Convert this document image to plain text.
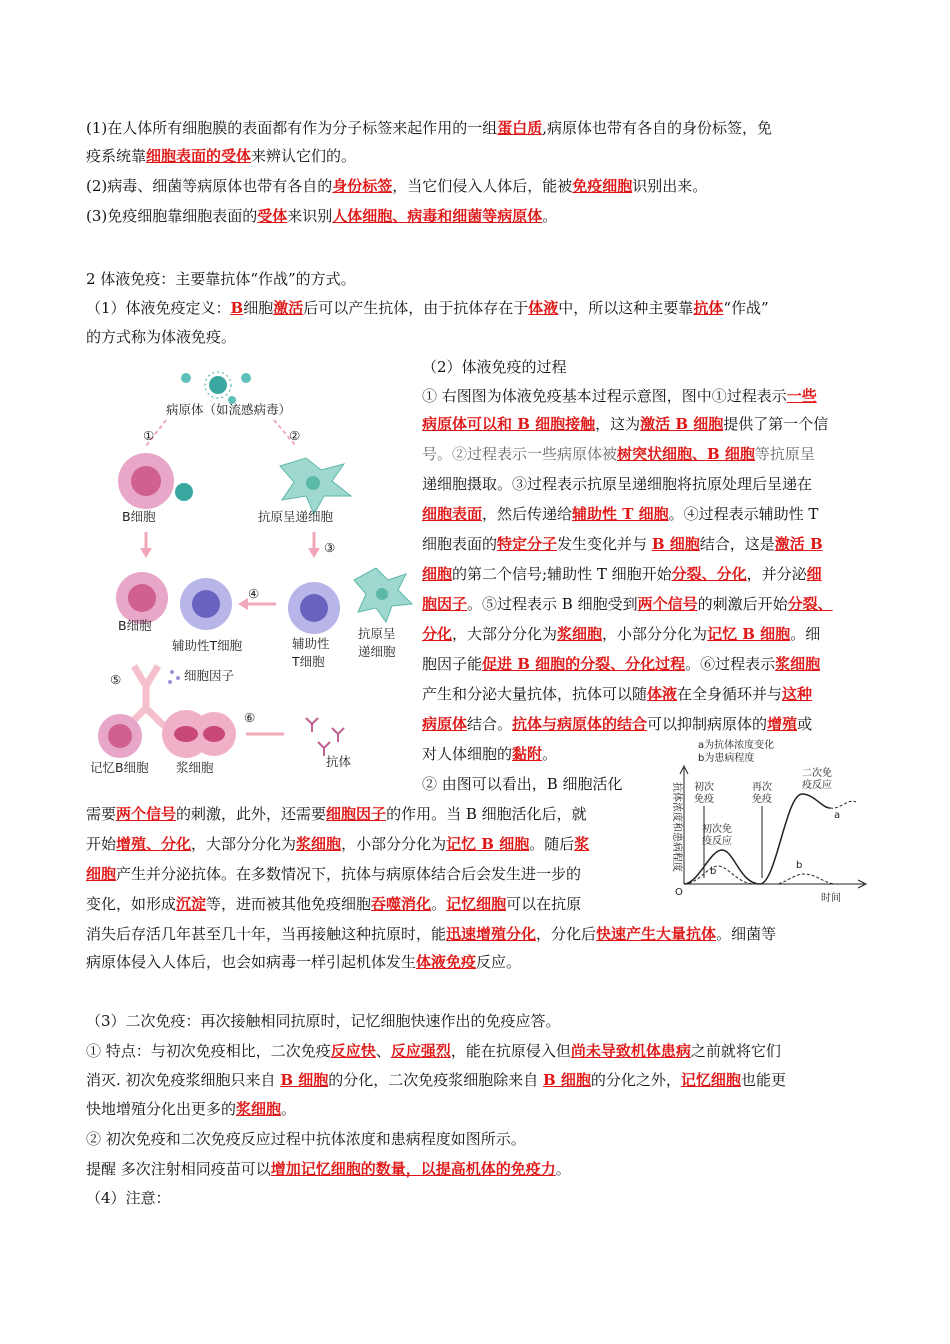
(1)在人体所有细胞膜的表面都有作为分子标签来起作用的一组蛋白质,病原体也带有各自的身份标签，免
疫系统靠细胞表面的受体来辨认它们的。
(2)病毒、细菌等病原体也带有各自的身份标签，当它们侵入人体后，能被免疫细胞识别出来。
(3)免疫细胞靠细胞表面的受体来识别人体细胞、病毒和细菌等病原体。
2 体液免疫：主要靠抗体“作战”的方式。
（1）体液免疫定义：B细胞激活后可以产生抗体，由于抗体存在于体液中，所以这种主要靠抗体“作战”
的方式称为体液免疫。
（2）体液免疫的过程
① 右图图为体液免疫基本过程示意图，图中①过程表示一些
病原体可以和 B 细胞接触，这为激活 B 细胞提供了第一个信
号。②过程表示一些病原体被树突状细胞、B 细胞等抗原呈
递细胞摄取。③过程表示抗原呈递细胞将抗原处理后呈递在
细胞表面，然后传递给辅助性 T 细胞。④过程表示辅助性 T
细胞表面的特定分子发生变化并与 B 细胞结合，这是激活 B
细胞的第二个信号;辅助性 T 细胞开始分裂、分化，并分泌细
胞因子。⑤过程表示 B 细胞受到两个信号的刺激后开始分裂、
分化，大部分分化为浆细胞，小部分分化为记忆 B 细胞。细
胞因子能促进 B 细胞的分裂、分化过程。⑥过程表示浆细胞
产生和分泌大量抗体，抗体可以随体液在全身循环并与这种
病原体结合。抗体与病原体的结合可以抑制病原体的增殖或
对人体细胞的黏附。
② 由图可以看出，B 细胞活化
需要两个信号的刺激，此外，还需要细胞因子的作用。当 B 细胞活化后，就
开始增殖、分化，大部分分化为浆细胞，小部分分化为记忆 B 细胞。随后浆
细胞产生并分泌抗体。在多数情况下，抗体与病原体结合后会发生进一步的
变化，如形成沉淀等，进而被其他免疫细胞吞噬消化。记忆细胞可以在抗原
消失后存活几年甚至几十年，当再接触这种抗原时，能迅速增殖分化，分化后快速产生大量抗体。细菌等
病原体侵入人体后，也会如病毒一样引起机体发生体液免疫反应。
（3）二次免疫：再次接触相同抗原时，记忆细胞快速作出的免疫应答。
① 特点：与初次免疫相比，二次免疫反应快、反应强烈，能在抗原侵入但尚未导致机体患病之前就将它们
消灭. 初次免疫浆细胞只来自 B 细胞的分化，二次免疫浆细胞除来自 B 细胞的分化之外，记忆细胞也能更
快地增殖分化出更多的浆细胞。
② 初次免疫和二次免疫反应过程中抗体浓度和患病程度如图所示。
提醒 多次注射相同疫苗可以增加记忆细胞的数量，以提高机体的免疫力。
（4）注意：
病原体（如流感病毒）
①	②
B细胞	抗原呈递细胞
③
B细胞
辅助性T细胞
④
辅助性
T细胞
抗原呈
递细胞
⑤	细胞因子
记忆B细胞 浆细胞
⑥
抗体
a为抗体浓度变化
b为患病程度
抗体浓度和患病程度
时间
O
初次
免疫
再次
免疫
二次免
疫反应
初次免
疫反应
a
b
b
